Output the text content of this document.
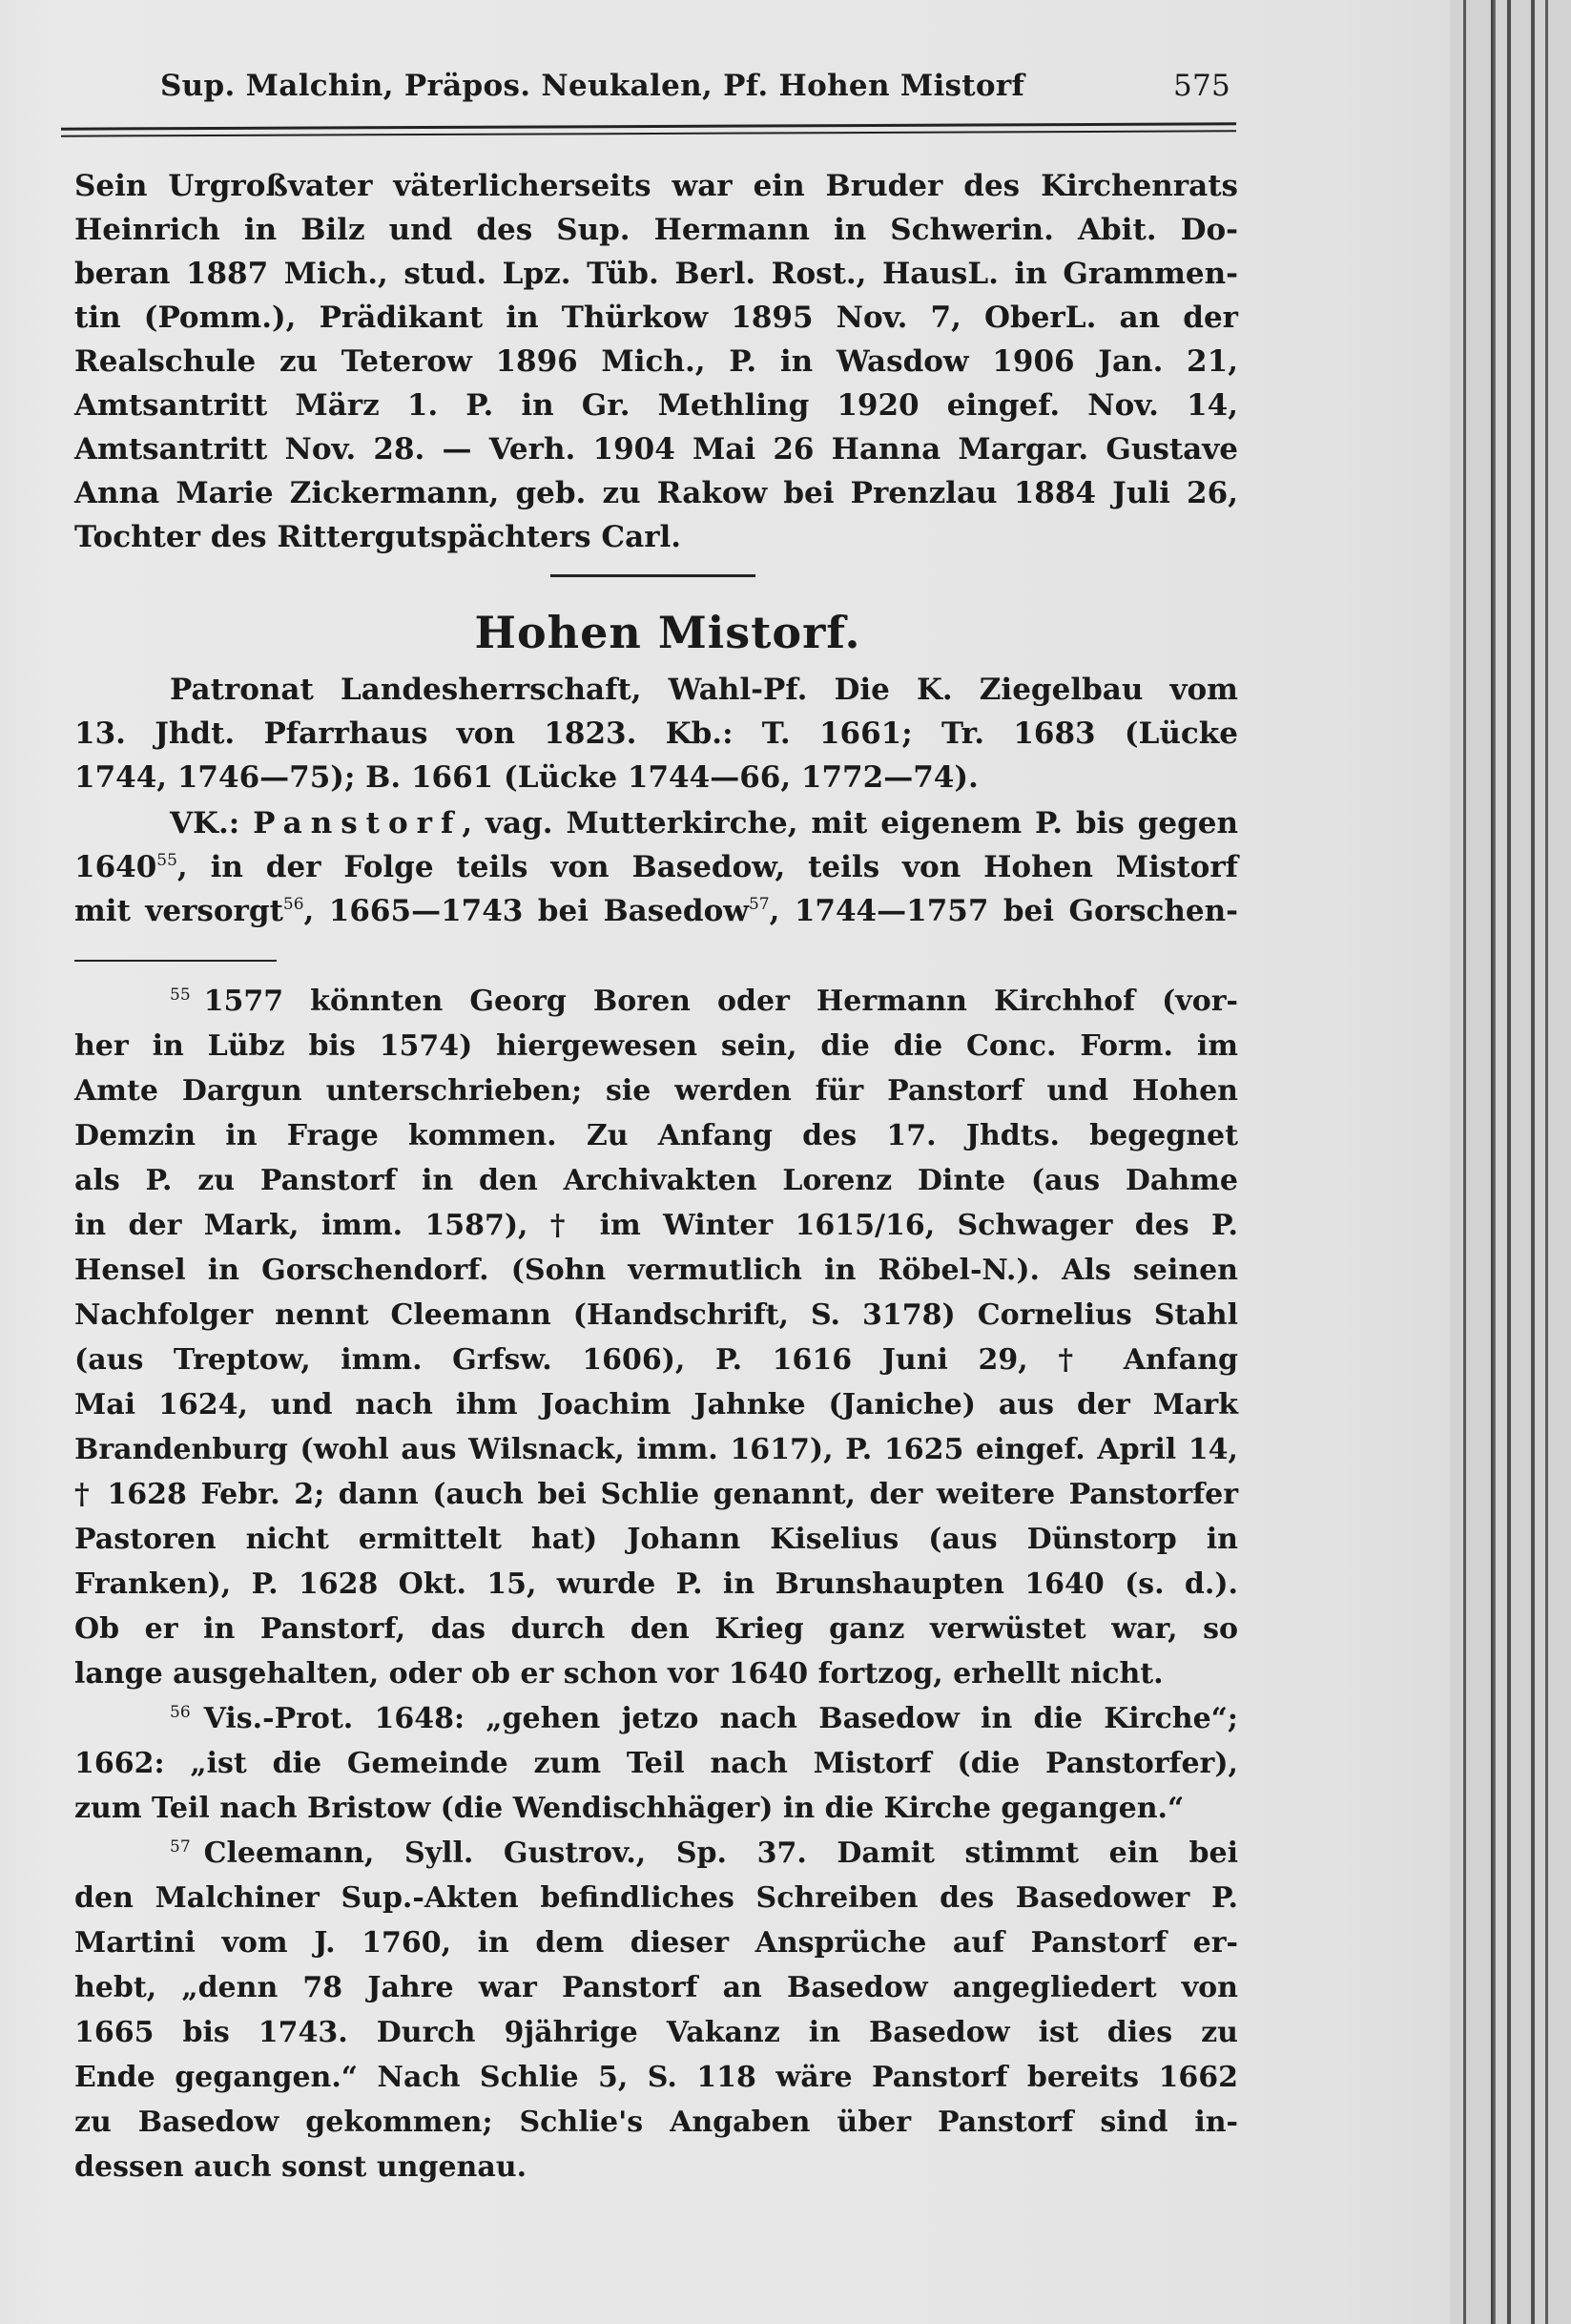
Sup. Malchin, Präpos. Neukalen, Pf. Hohen Mistorf	575
Sein Urgroßvater väterlicherseits war ein Bruder des Kirchenrats
Heinrich in Bilz und des Sup. Hermann in Schwerin. Abit. Do-
beran 1887 Mich., stud. Lpz. Tüb. Berl. Rost., HausL. in Grammen-
tin (Pomm.), Prädikant in Thürkow 1895 Nov. 7, OberL. an der
Realschule zu Teterow 1896 Mich., P. in Wasdow 1906 Jan. 21,
Amtsantritt März 1. P. in Gr. Methling 1920 eingef. Nov. 14,
Amtsantritt Nov. 28. — Verh. 1904 Mai 26 Hanna Margar. Gustave
Anna Marie Zickermann, geb. zu Rakow bei Prenzlau 1884 Juli 26,
Tochter des Rittergutspächters Carl.
Hohen Mistorf.
Patronat Landesherrschaft, Wahl-Pf. Die K. Ziegelbau vom
13. Jhdt. Pfarrhaus von 1823. Kb.: T. 1661; Tr. 1683 (Lücke
1744, 1746—75); B. 1661 (Lücke 1744—66, 1772—74).
VK.: Panstorf, vag. Mutterkirche, mit eigenem P. bis gegen
1640$^{55}$, in der Folge teils von Basedow, teils von Hohen Mistorf
mit versorgt$^{56}$, 1665—1743 bei Basedow$^{57}$, 1744—1757 bei Gorschen-
$^{55}$ 1577 könnten Georg Boren oder Hermann Kirchhof (vor-
her in Lübz bis 1574) hiergewesen sein, die die Conc. Form. im
Amte Dargun unterschrieben; sie werden für Panstorf und Hohen
Demzin in Frage kommen. Zu Anfang des 17. Jhdts. begegnet
als P. zu Panstorf in den Archivakten Lorenz Dinte (aus Dahme
in der Mark, imm. 1587), † im Winter 1615/16, Schwager des P.
Hensel in Gorschendorf. (Sohn vermutlich in Röbel-N.). Als seinen
Nachfolger nennt Cleemann (Handschrift, S. 3178) Cornelius Stahl
(aus Treptow, imm. Grfsw. 1606), P. 1616 Juni 29, † Anfang
Mai 1624, und nach ihm Joachim Jahnke (Janiche) aus der Mark
Brandenburg (wohl aus Wilsnack, imm. 1617), P. 1625 eingef. April 14,
† 1628 Febr. 2; dann (auch bei Schlie genannt, der weitere Panstorfer
Pastoren nicht ermittelt hat) Johann Kiselius (aus Dünstorp in
Franken), P. 1628 Okt. 15, wurde P. in Brunshaupten 1640 (s. d.).
Ob er in Panstorf, das durch den Krieg ganz verwüstet war, so
lange ausgehalten, oder ob er schon vor 1640 fortzog, erhellt nicht.
$^{56}$ Vis.-Prot. 1648: „gehen jetzo nach Basedow in die Kirche“;
1662: „ist die Gemeinde zum Teil nach Mistorf (die Panstorfer),
zum Teil nach Bristow (die Wendischhäger) in die Kirche gegangen.“
$^{57}$ Cleemann, Syll. Gustrov., Sp. 37. Damit stimmt ein bei
den Malchiner Sup.-Akten befindliches Schreiben des Basedower P.
Martini vom J. 1760, in dem dieser Ansprüche auf Panstorf er-
hebt, „denn 78 Jahre war Panstorf an Basedow angegliedert von
1665 bis 1743. Durch 9jährige Vakanz in Basedow ist dies zu
Ende gegangen.“ Nach Schlie 5, S. 118 wäre Panstorf bereits 1662
zu Basedow gekommen; Schlie's Angaben über Panstorf sind in-
dessen auch sonst ungenau.
